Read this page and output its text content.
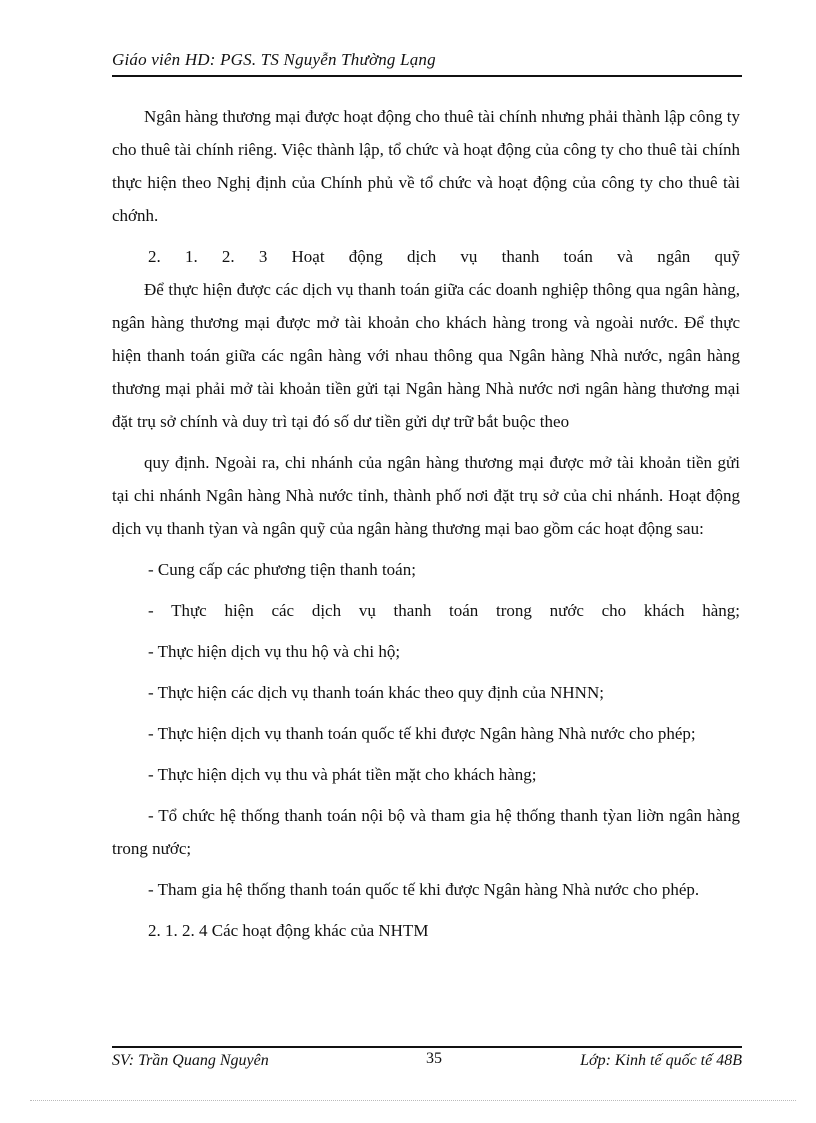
Giáo viên HD: PGS. TS Nguyễn Thường Lạng

Ngân hàng thương mại được hoạt động cho thuê tài chính nhưng phải thành lập công ty cho thuê tài chính riêng. Việc thành lập, tổ chức và hoạt động của công ty cho thuê tài chính thực hiện theo Nghị định của Chính phủ về tổ chức và hoạt động của công ty cho thuê tài chớnh.

2. 1. 2. 3 Hoạt động dịch vụ thanh toán và ngân quỹ

Để thực hiện được các dịch vụ thanh toán giữa các doanh nghiệp thông qua ngân hàng, ngân hàng thương mại được mở tài khoản cho khách hàng trong và ngoài nước. Để thực hiện thanh toán giữa các ngân hàng với nhau thông qua Ngân hàng Nhà nước, ngân hàng thương mại phải mở tài khoản tiền gửi tại Ngân hàng Nhà nước nơi ngân hàng thương mại đặt trụ sở chính và duy trì tại đó số dư tiền gửi dự trữ bắt buộc theo

quy định. Ngoài ra, chi nhánh của ngân hàng thương mại được mở tài khoản tiền gửi tại chi nhánh Ngân hàng Nhà nước tỉnh, thành phố nơi đặt trụ sở của chi nhánh. Hoạt động dịch vụ thanh tỳan và ngân quỹ của ngân hàng thương mại bao gồm các hoạt động sau:

- Cung cấp các phương tiện thanh toán;

- Thực hiện các dịch vụ thanh toán trong nước cho khách hàng;

- Thực hiện dịch vụ thu hộ và chi hộ;

- Thực hiện các dịch vụ thanh toán khác theo quy định của NHNN;

- Thực hiện dịch vụ thanh toán quốc tế khi được Ngân hàng Nhà nước cho phép;

- Thực hiện dịch vụ thu và phát tiền mặt cho khách hàng;

- Tổ chức hệ thống thanh toán nội bộ và tham gia hệ thống thanh tỳan liờn ngân hàng trong nước;

- Tham gia hệ thống thanh toán quốc tế khi được Ngân hàng Nhà nước cho phép.

2. 1. 2. 4 Các hoạt động khác của NHTM

SV: Trần Quang Nguyên	35	Lớp: Kinh tế quốc tế 48B
